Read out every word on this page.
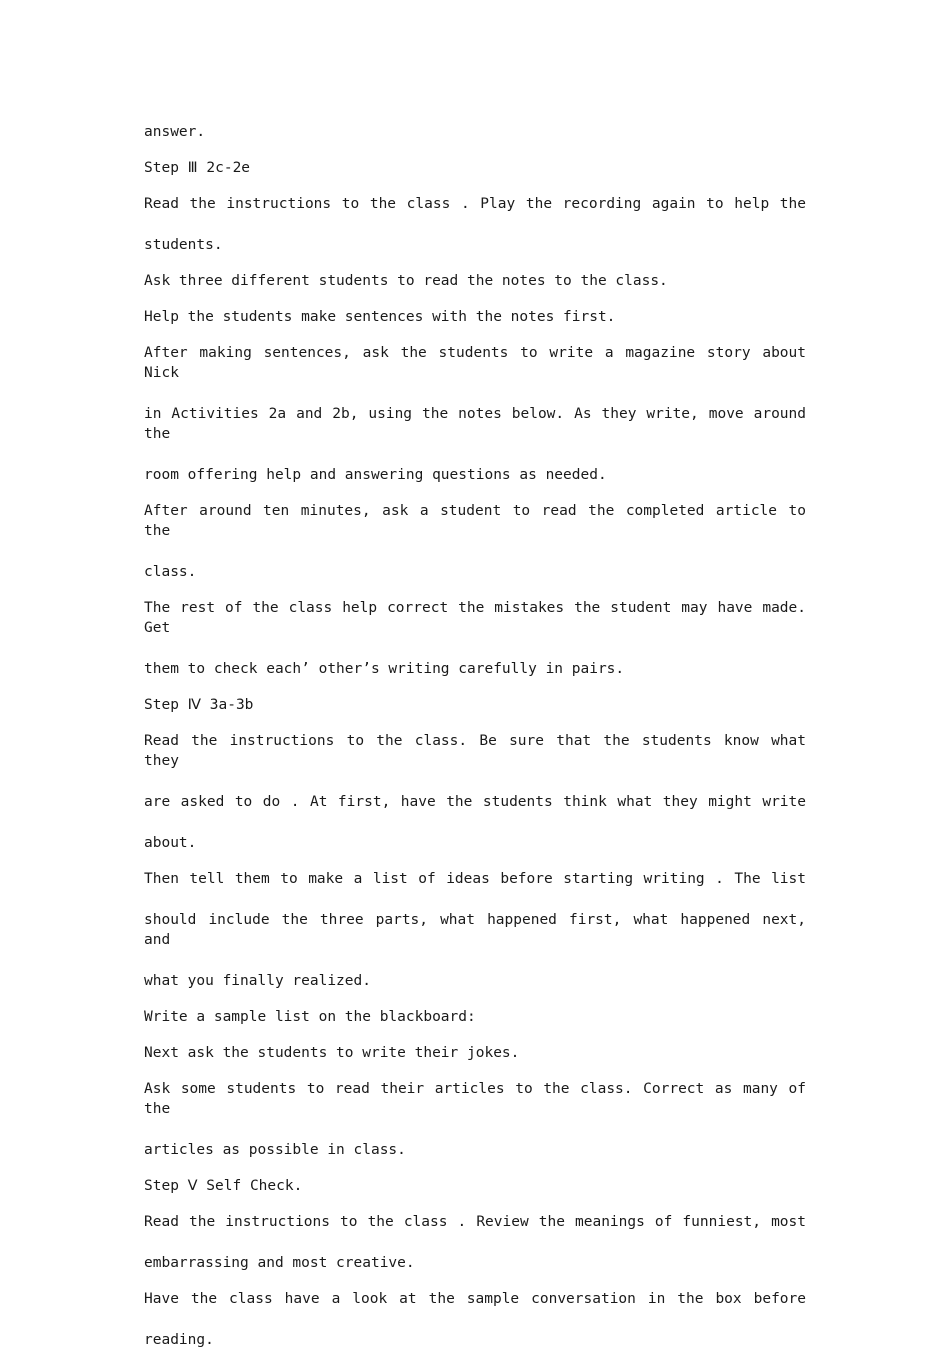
answer.

Step Ⅲ 2c-2e

Read the instructions to the class . Play the recording again to help the

students.

Ask three different students to read the notes to the class.

Help the students make sentences with the notes first.

After making sentences, ask the students to write a magazine story about Nick

in Activities 2a and 2b, using the notes below. As they write, move around the

room offering help and answering questions as needed.

After around ten minutes, ask a student to read the completed article to the

class.

The rest of the class help correct the mistakes the student may have made. Get

them to check each’ other’s writing carefully in pairs.

Step Ⅳ 3a-3b

Read the instructions to the class. Be sure that the students know what they

are asked to do . At first, have the students think what they might write

about.

Then tell them to make a list of ideas before starting writing . The list

should include the three parts, what happened first, what happened next, and

what you finally realized.

Write a sample list on the blackboard:

Next ask the students to write their jokes.

Ask some students to read their articles to the class. Correct as many of the

articles as possible in class.

Step Ⅴ Self Check.

Read the instructions to the class . Review the meanings of funniest, most

embarrassing and most creative.

Have the class have a look at the sample conversation in the box before

reading.
